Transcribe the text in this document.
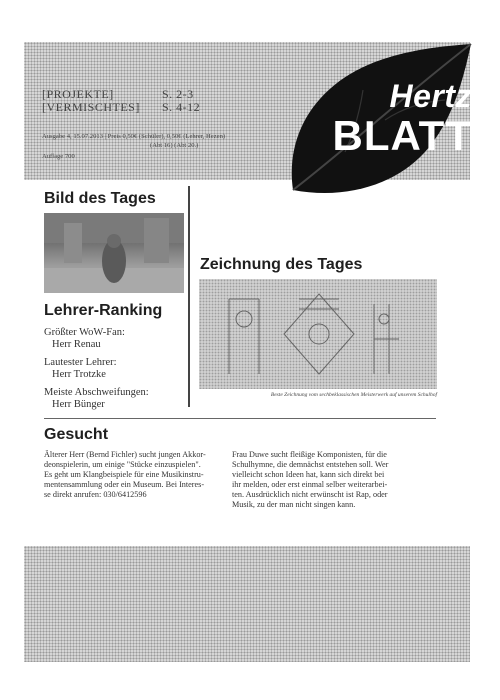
Hertz
BLATT
[PROJEKTE]	S. 2-3
[VERMISCHTES] S. 4-12
Ausgabe 4, 15.07.2013 | Preis 0,50€ (Schüler), 0,50€ (Lehrer, Hezen)
(Abt 16) (Abt 20.)
Auflage 700
Bild des Tages
Zeichnung des Tages
Beste Zeichnung vom sechbeklassischen Meisterwerk auf unserem Schulhof
Lehrer-Ranking
Größter WoW-Fan:
Herr Renau
Lautester Lehrer:
Herr Trotzke
Meiste Abschweifungen:
Herr Bünger
Gesucht
Älterer Herr (Bernd Fichler) sucht jungen Akkor-
deonspielerin, um einige "Stücke einzuspielen".
Es geht um Klangbeispiele für eine Musikinstru-
mentensammlung oder ein Museum. Bei Interes-
se direkt anrufen: 030/6412596
Frau Duwe sucht fleißige Komponisten, für die
Schulhymne, die demnächst entstehen soll. Wer
vielleicht schon Ideen hat, kann sich direkt bei
ihr melden, oder erst einmal selber weiterarbei-
ten. Ausdrücklich nicht erwünscht ist Rap, oder
Musik, zu der man nicht singen kann.
